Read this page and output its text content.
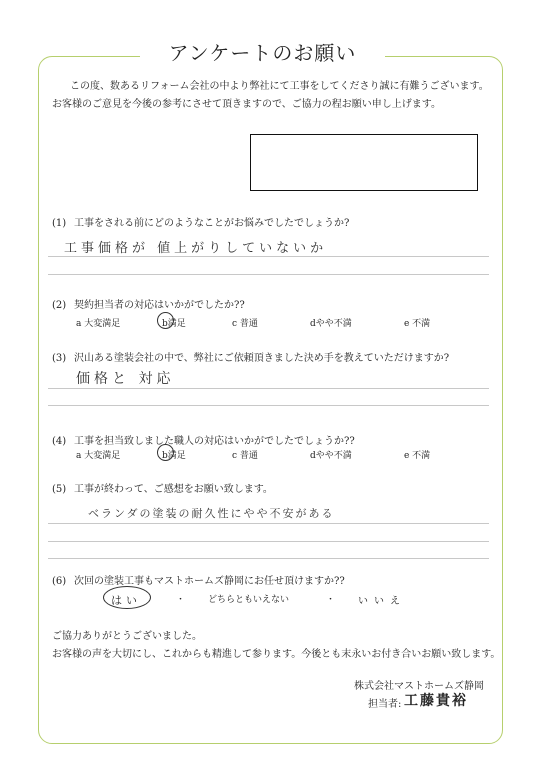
アンケートのお願い
この度、数あるリフォーム会社の中より弊社にて工事をしてくださり誠に有難うございます。
お客様のご意見を今後の参考にさせて頂きますので、ご協力の程お願い申し上げます。
(1) 工事をされる前にどのようなことがお悩みでしたでしょうか?
工事価格が 値上がりしていないか
(2) 契約担当者の対応はいかがでしたか??
a 大変満足	b満足	c 普通	dやや不満	e 不満
(3) 沢山ある塗装会社の中で、弊社にご依頼頂きました決め手を教えていただけますか?
価格と 対応
(4) 工事を担当致しました職人の対応はいかがでしたでしょうか??
a 大変満足	b満足	c 普通	dやや不満	e 不満
(5) 工事が終わって、ご感想をお願い致します。
ベランダの塗装の耐久性にやや不安がある
(6) 次回の塗装工事もマストホームズ静岡にお任せ頂けますか??
はい	・	どちらともいえない	・ いいえ
ご協力ありがとうございました。
お客様の声を大切にし、これからも精進して参ります。今後とも末永いお付き合いお願い致します。
株式会社マストホームズ静岡
担当者: 工藤貴裕
